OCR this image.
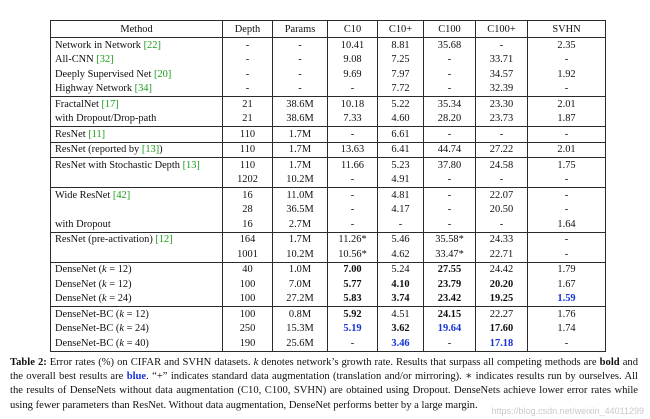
Method	Depth	Params	C10	C10+	C100	C100+	SVHN
Network in Network [22]	-	-	10.41	8.81	35.68	-	2.35
All-CNN [32]	-	-	9.08	7.25	-	33.71	-
Deeply Supervised Net [20]	-	-	9.69	7.97	-	34.57	1.92
Highway Network [34]	-	-	-	7.72	-	32.39	-
FractalNet [17]	21	38.6M	10.18	5.22	35.34	23.30	2.01
with Dropout/Drop-path	21	38.6M	7.33	4.60	28.20	23.73	1.87
ResNet [11]	110	1.7M	-	6.61	-	-	-
ResNet (reported by [13])	110	1.7M	13.63	6.41	44.74	27.22	2.01
ResNet with Stochastic Depth [13]	110	1.7M	11.66	5.23	37.80	24.58	1.75
	1202	10.2M	-	4.91	-	-	-
Wide ResNet [42]	16	11.0M	-	4.81	-	22.07	-
	28	36.5M	-	4.17	-	20.50	-
with Dropout	16	2.7M	-	-	-	-	1.64
ResNet (pre-activation) [12]	164	1.7M	11.26*	5.46	35.58*	24.33	-
	1001	10.2M	10.56*	4.62	33.47*	22.71	-
DenseNet (k = 12)	40	1.0M	7.00	5.24	27.55	24.42	1.79
DenseNet (k = 12)	100	7.0M	5.77	4.10	23.79	20.20	1.67
DenseNet (k = 24)	100	27.2M	5.83	3.74	23.42	19.25	1.59
DenseNet-BC (k = 12)	100	0.8M	5.92	4.51	24.15	22.27	1.76
DenseNet-BC (k = 24)	250	15.3M	5.19	3.62	19.64	17.60	1.74
DenseNet-BC (k = 40)	190	25.6M	-	3.46	-	17.18	-
Table 2: Error rates (%) on CIFAR and SVHN datasets. k denotes network’s growth rate. Results that surpass all competing methods are bold and the overall best results are blue. “+” indicates standard data augmentation (translation and/or mirroring). ∗ indicates results run by ourselves. All the results of DenseNets without data augmentation (C10, C100, SVHN) are obtained using Dropout. DenseNets achieve lower error rates while using fewer parameters than ResNet. Without data augmentation, DenseNet performs better by a large margin.
https://blog.csdn.net/weixin_44011299
